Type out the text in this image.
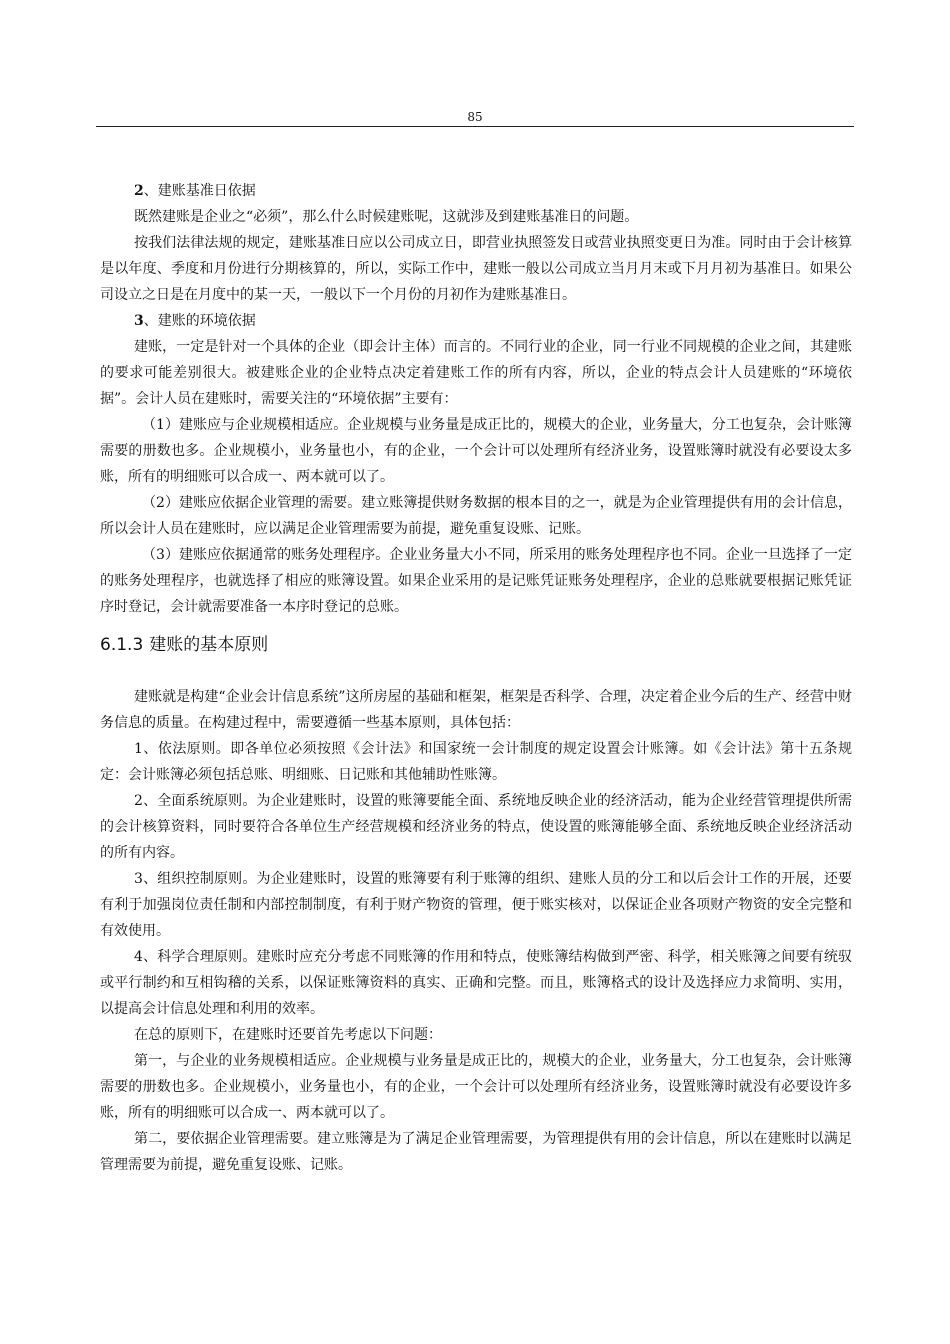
85
2、建账基准日依据

既然建账是企业之“必须”，那么什么时候建账呢，这就涉及到建账基准日的问题。

按我们法律法规的规定，建账基准日应以公司成立日，即营业执照签发日或营业执照变更日为准。同时由于会计核算是以年度、季度和月份进行分期核算的，所以，实际工作中，建账一般以公司成立当月月末或下月月初为基准日。如果公司设立之日是在月度中的某一天，一般以下一个月份的月初作为建账基准日。

3、建账的环境依据

建账，一定是针对一个具体的企业（即会计主体）而言的。不同行业的企业，同一行业不同规模的企业之间，其建账的要求可能差别很大。被建账企业的企业特点决定着建账工作的所有内容，所以，企业的特点会计人员建账的“环境依据”。会计人员在建账时，需要关注的“环境依据”主要有：

（1）建账应与企业规模相适应。企业规模与业务量是成正比的，规模大的企业，业务量大，分工也复杂，会计账簿需要的册数也多。企业规模小，业务量也小，有的企业，一个会计可以处理所有经济业务，设置账簿时就没有必要设太多账，所有的明细账可以合成一、两本就可以了。

（2）建账应依据企业管理的需要。建立账簿提供财务数据的根本目的之一，就是为企业管理提供有用的会计信息，所以会计人员在建账时，应以满足企业管理需要为前提，避免重复设账、记账。

（3）建账应依据通常的账务处理程序。企业业务量大小不同，所采用的账务处理程序也不同。企业一旦选择了一定的账务处理程序，也就选择了相应的账簿设置。如果企业采用的是记账凭证账务处理程序，企业的总账就要根据记账凭证序时登记，会计就需要准备一本序时登记的总账。

6.1.3 建账的基本原则

建账就是构建“企业会计信息系统”这所房屋的基础和框架，框架是否科学、合理，决定着企业今后的生产、经营中财务信息的质量。在构建过程中，需要遵循一些基本原则，具体包括：

1、依法原则。即各单位必须按照《会计法》和国家统一会计制度的规定设置会计账簿。如《会计法》第十五条规定：会计账簿必须包括总账、明细账、日记账和其他辅助性账簿。

2、全面系统原则。为企业建账时，设置的账簿要能全面、系统地反映企业的经济活动，能为企业经营管理提供所需的会计核算资料，同时要符合各单位生产经营规模和经济业务的特点，使设置的账簿能够全面、系统地反映企业经济活动的所有内容。

3、组织控制原则。为企业建账时，设置的账簿要有利于账簿的组织、建账人员的分工和以后会计工作的开展，还要有利于加强岗位责任制和内部控制制度，有利于财产物资的管理，便于账实核对，以保证企业各项财产物资的安全完整和有效使用。

4、科学合理原则。建账时应充分考虑不同账簿的作用和特点，使账簿结构做到严密、科学，相关账簿之间要有统驭或平行制约和互相钩稽的关系，以保证账簿资料的真实、正确和完整。而且，账簿格式的设计及选择应力求简明、实用，以提高会计信息处理和利用的效率。

在总的原则下，在建账时还要首先考虑以下问题：

第一，与企业的业务规模相适应。企业规模与业务量是成正比的，规模大的企业，业务量大，分工也复杂，会计账簿需要的册数也多。企业规模小，业务量也小，有的企业，一个会计可以处理所有经济业务，设置账簿时就没有必要设许多账，所有的明细账可以合成一、两本就可以了。

第二，要依据企业管理需要。建立账簿是为了满足企业管理需要，为管理提供有用的会计信息，所以在建账时以满足管理需要为前提，避免重复设账、记账。
